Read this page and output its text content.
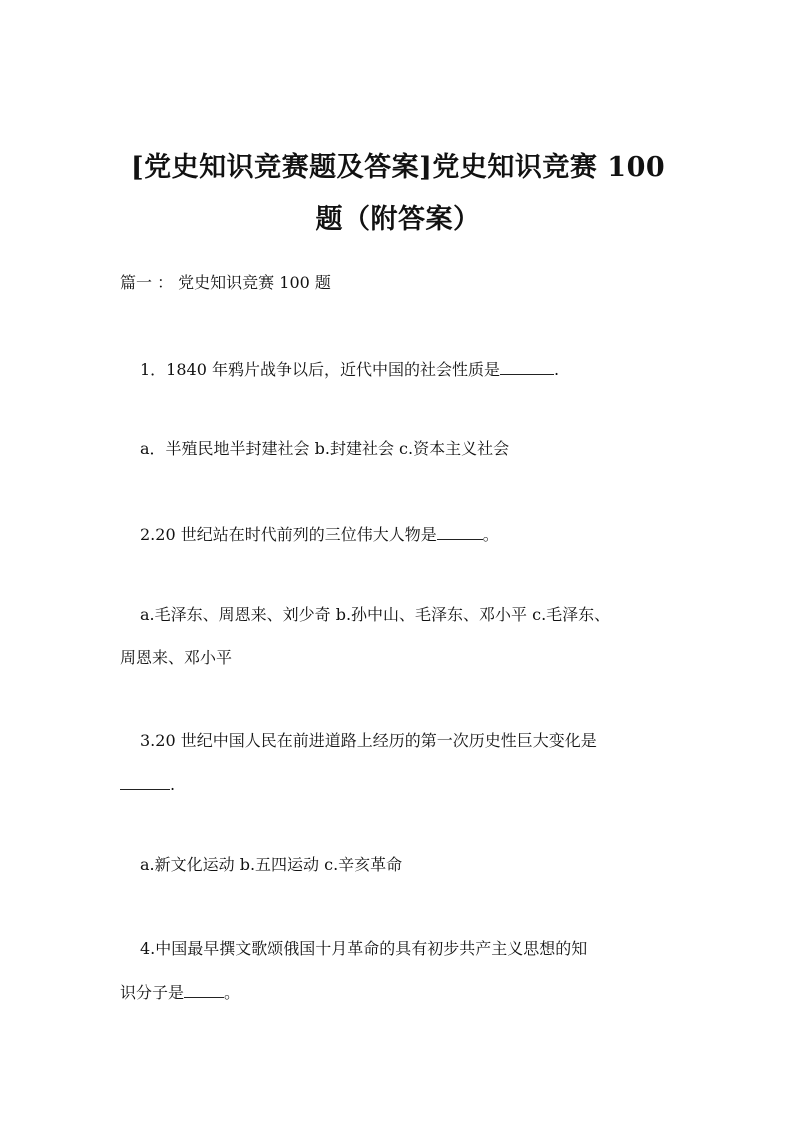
[党史知识竞赛题及答案]党史知识竞赛 100
题（附答案）

篇一 ： 党史知识竞赛 100 题

1．1840 年鸦片战争以后，近代中国的社会性质是	.

a．半殖民地半封建社会 b.封建社会 c.资本主义社会

2.20 世纪站在时代前列的三位伟大人物是	。

a.毛泽东、周恩来、刘少奇 b.孙中山、毛泽东、邓小平 c.毛泽东、

周恩来、邓小平

3.20 世纪中国人民在前进道路上经历的第一次历史性巨大变化是

.

a.新文化运动 b.五四运动 c.辛亥革命

4.中国最早撰文歌颂俄国十月革命的具有初步共产主义思想的知

识分子是	。
